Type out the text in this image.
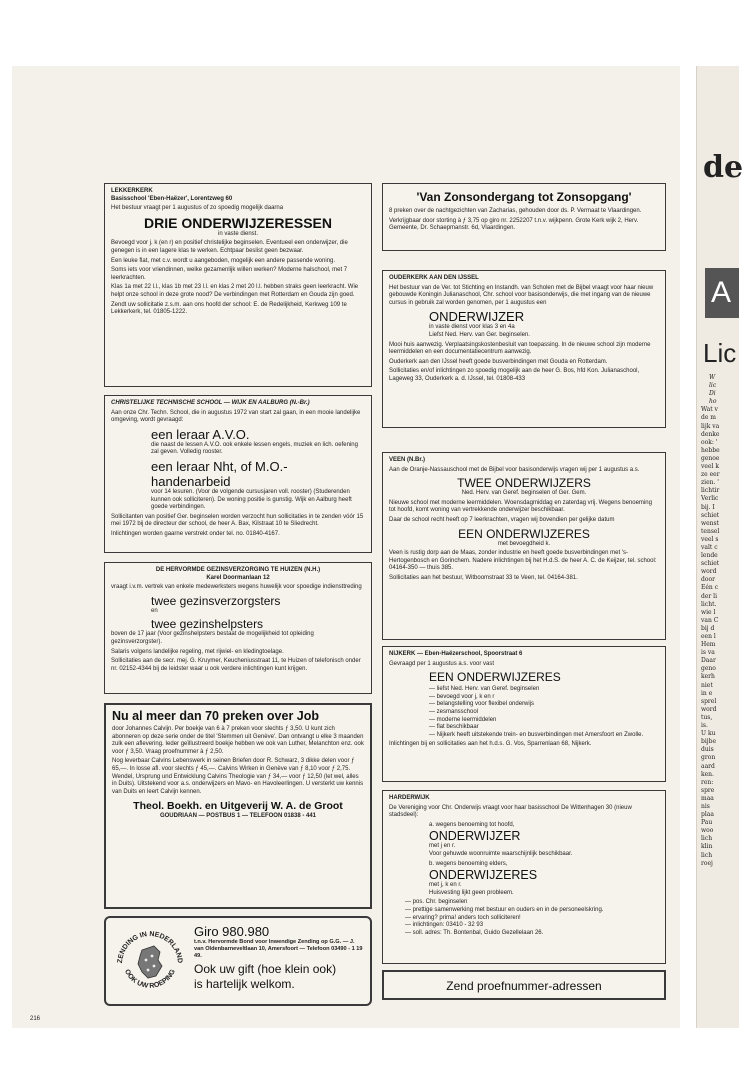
LEKKERKERK

Basisschool 'Eben-Haëzer', Lorentzweg 60

Het bestuur vraagt per 1 augustus of zo spoedig mogelijk daarna

DRIE ONDERWIJZERESSEN

in vaste dienst.

Bevoegd voor j. k (en r) en positief christelijke beginselen. Eventueel een onderwijzer, die genegen is in een lagere klas te werken. Echtpaar beslist geen bezwaar.

Een leuke flat, met c.v. wordt u aangeboden, mogelijk een andere passende woning.

Soms iets voor vriendinnen, welke gezamenlijk willen werken? Moderne halschool, met 7 leerkrachten.

Klas 1a met 22 l.l., klas 1b met 23 l.l. en klas 2 met 20 l.l. hebben straks geen leerkracht. Wie helpt onze school in deze grote nood? De verbindingen met Rotterdam en Gouda zijn goed.

Zendt uw sollicitatie z.s.m. aan ons hoofd der school: E. de Redelijkheid, Kerkweg 109 te Lekkerkerk, tel. 01805-1222.

CHRISTELIJKE TECHNISCHE SCHOOL — WIJK EN AALBURG (N.-Br.)

Aan onze Chr. Techn. School, die in augustus 1972 van start zal gaan, in een mooie landelijke omgeving, wordt gevraagd:

een leraar A.V.O.

die naast de lessen A.V.O. ook enkele lessen engels, muziek en lich. oefening zal geven. Volledig rooster.

een leraar Nht, of M.O.-handenarbeid

voor 14 lesuren. (Voor de volgende cursusjaren voll. rooster) (Studerenden kunnen ook solliciteren). De woning positie is gunstig. Wijk en Aalburg heeft goede verbindingen.

Sollicitanten van positief Ger. beginselen worden verzocht hun sollicitaties in te zenden vóór 15 mei 1972 bij de directeur der school, de heer A. Bax, Kilstraat 10 te Sliedrecht.

Inlichtingen worden gaarne verstrekt onder tel. no. 01840-4167.

DE HERVORMDE GEZINSVERZORGING TE HUIZEN (N.H.)

Karel Doormanlaan 12

vraagt i.v.m. vertrek van enkele medewerksters wegens huwelijk voor spoedige indiensttreding

twee gezinsverzorgsters

en

twee gezinshelpsters

boven de 17 jaar (Voor gezinshelpsters bestaat de mogelijkheid tot opleiding gezinsverzorgster).

Salaris volgens landelijke regeling, met rijwiel- en kledingtoelage.

Sollicitaties aan de secr. mej. G. Kruymer, Keucheniusstraat 11, te Huizen of telefonisch onder nr. 02152-4344 bij de leidster waar u ook verdere inlichtingen kunt krijgen.

Nu al meer dan 70 preken over Job

door Johannes Calvijn. Per boekje van 6 à 7 preken voor slechts ƒ 3,50. U kunt zich abonneren op deze serie onder de titel 'Stemmen uit Genève'. Dan ontvangt u elke 3 maanden zulk een aflevering. Ieder geïllustreerd boekje hebben we ook van Luther, Melanchton enz. ook voor ƒ 3,50. Vraag proefnummer à ƒ 2,50.

Nog leverbaar Calvins Lebenswerk in seinen Briefen door R. Schwarz, 3 dikke delen voor ƒ 65,—. In losse afl. voor slechts ƒ 45,—. Calvins Wirken in Genève van ƒ 8,10 voor ƒ 2,75. Wendel, Ursprung und Entwicklung Calvins Theologie van ƒ 34,— voor ƒ 12,50 (let wel, alles in Duits). Uitstekend voor a.s. onderwijzers en Mavo- en Havoleerlingen. U versterkt uw kennis van Duits en leert Calvijn kennen.

Theol. Boekh. en Uitgeverij W. A. de Groot

GOUDRIAAN — POSTBUS 1 — TELEFOON 01838 - 441

ZENDING IN NEDERLAND
OOK UW ROEPING
Giro 980.980

t.n.v. Hervormde Bond voor Inwendige Zending op G.G. — J. van Oldenbarneveltlaan 10, Amersfoort — Telefoon 03490 - 1 19 49.

Ook uw gift (hoe klein ook)
is hartelijk welkom.
'Van Zonsondergang tot Zonsopgang'

8 preken over de nachtgezichten van Zacharias, gehouden door ds. P. Vermaat te Vlaardingen.

Verkrijgbaar door storting à ƒ 3,75 op giro nr. 2252207 t.n.v. wijkpenn. Grote Kerk wijk 2, Herv. Gemeente, Dr. Schaepmanstr. 6d, Vlaardingen.

OUDERKERK AAN DEN IJSSEL

Het bestuur van de Ver. tot Stichting en Instandh. van Scholen met de Bijbel vraagt voor haar nieuw gebouwde Koningin Julianaschool, Chr. school voor basisonderwijs, die met ingang van de nieuwe cursus in gebruik zal worden genomen, per 1 augustus een

ONDERWIJZER

in vaste dienst voor klas 3 en 4a

Liefst Ned. Herv. van Ger. beginselen.

Mooi huis aanwezig. Verplaatsingskostenbesluit van toepassing. In de nieuwe school zijn moderne leermiddelen en een documentatiecentrum aanwezig.

Ouderkerk aan den IJssel heeft goede busverbindingen met Gouda en Rotterdam.

Sollicitaties en/of inlichtingen zo spoedig mogelijk aan de heer G. Bos, hfd Kon. Julianaschool, Lageweg 33, Ouderkerk a. d. IJssel, tel. 01808-433

VEEN (N.Br.)

Aan de Oranje-Nassauschool met de Bijbel voor basisonderwijs vragen wij per 1 augustus a.s.

TWEE ONDERWIJZERS

Ned. Herv. van Geref. beginselen of Ger. Gem.

Nieuwe school met moderne leermiddelen. Woensdagmiddag en zaterdag vrij. Wegens benoeming tot hoofd, komt woning van vertrekkende onderwijzer beschikbaar.

Daar de school recht heeft op 7 leerkrachten, vragen wij bovendien per gelijke datum

EEN ONDERWIJZERES

met bevoegdheid k.

Veen is rustig dorp aan de Maas, zonder industrie en heeft goede busverbindingen met 's-Hertogenbosch en Gorinchem. Nadere inlichtingen bij het H.d.S. de heer A. C. de Keijzer, tel. school: 04164-350 — thuis 385.

Sollicitaties aan het bestuur, Witboomstraat 33 te Veen, tel. 04164-381.

NIJKERK — Eben-Haëzerschool, Spoorstraat 6

Gevraagd per 1 augustus a.s. voor vast

EEN ONDERWIJZERES
— liefst Ned. Herv. van Geref. beginselen
— bevoegd voor j, k en r
— belangstelling voor flexibel onderwijs
— zesmansschool
— moderne leermiddelen
— flat beschikbaar
— Nijkerk heeft uitstekende trein- en busverbindingen met Amersfoort en Zwolle.

Inlichtingen bij en sollicitaties aan het h.d.s. G. Vos, Sparrenlaan 68, Nijkerk.

HARDERWIJK

De Vereniging voor Chr. Onderwijs vraagt voor haar basisschool De Wittenhagen 30 (nieuw stadsdeel):

a. wegens benoeming tot hoofd,

ONDERWIJZER

met j en r.

Voor gehuwde woonruimte waarschijnlijk beschikbaar.

b. wegens benoeming elders,

ONDERWIJZERES

met j, k en r.

Huisvesting lijkt geen probleem.

— pos. Chr. beginselen
— prettige samenwerking met bestuur en ouders en in de personeelskring.
— ervaring? prima! anders toch solliciteren!
— inlichtingen: 03410 - 32 93
— soll. adres: Th. Bontenbal, Guido Gezellelaan 26.
Zend proefnummer-adressen
216
de
A
Lic
W
lic
Di
ho
Wat v
de m
lijk va
denke
ook: '
hebbe
genoe
veel k
ze eer
zien. '
lichtir
Verlic
bij. I
schiet
wenst
tensel
veel s
valt c
lende
schiet
word
door
Eén c
der li
licht.
wie l
van C
bij d
een l
Hem
is va
Daar
geno
kerh
niet
in e
sprel
word
tus,
is.
U ku
bijbe
duis
gron
aard
ken.
ren:
spre
maa
nis
plaa
Pau
woo
lich
klin
lich
roej
